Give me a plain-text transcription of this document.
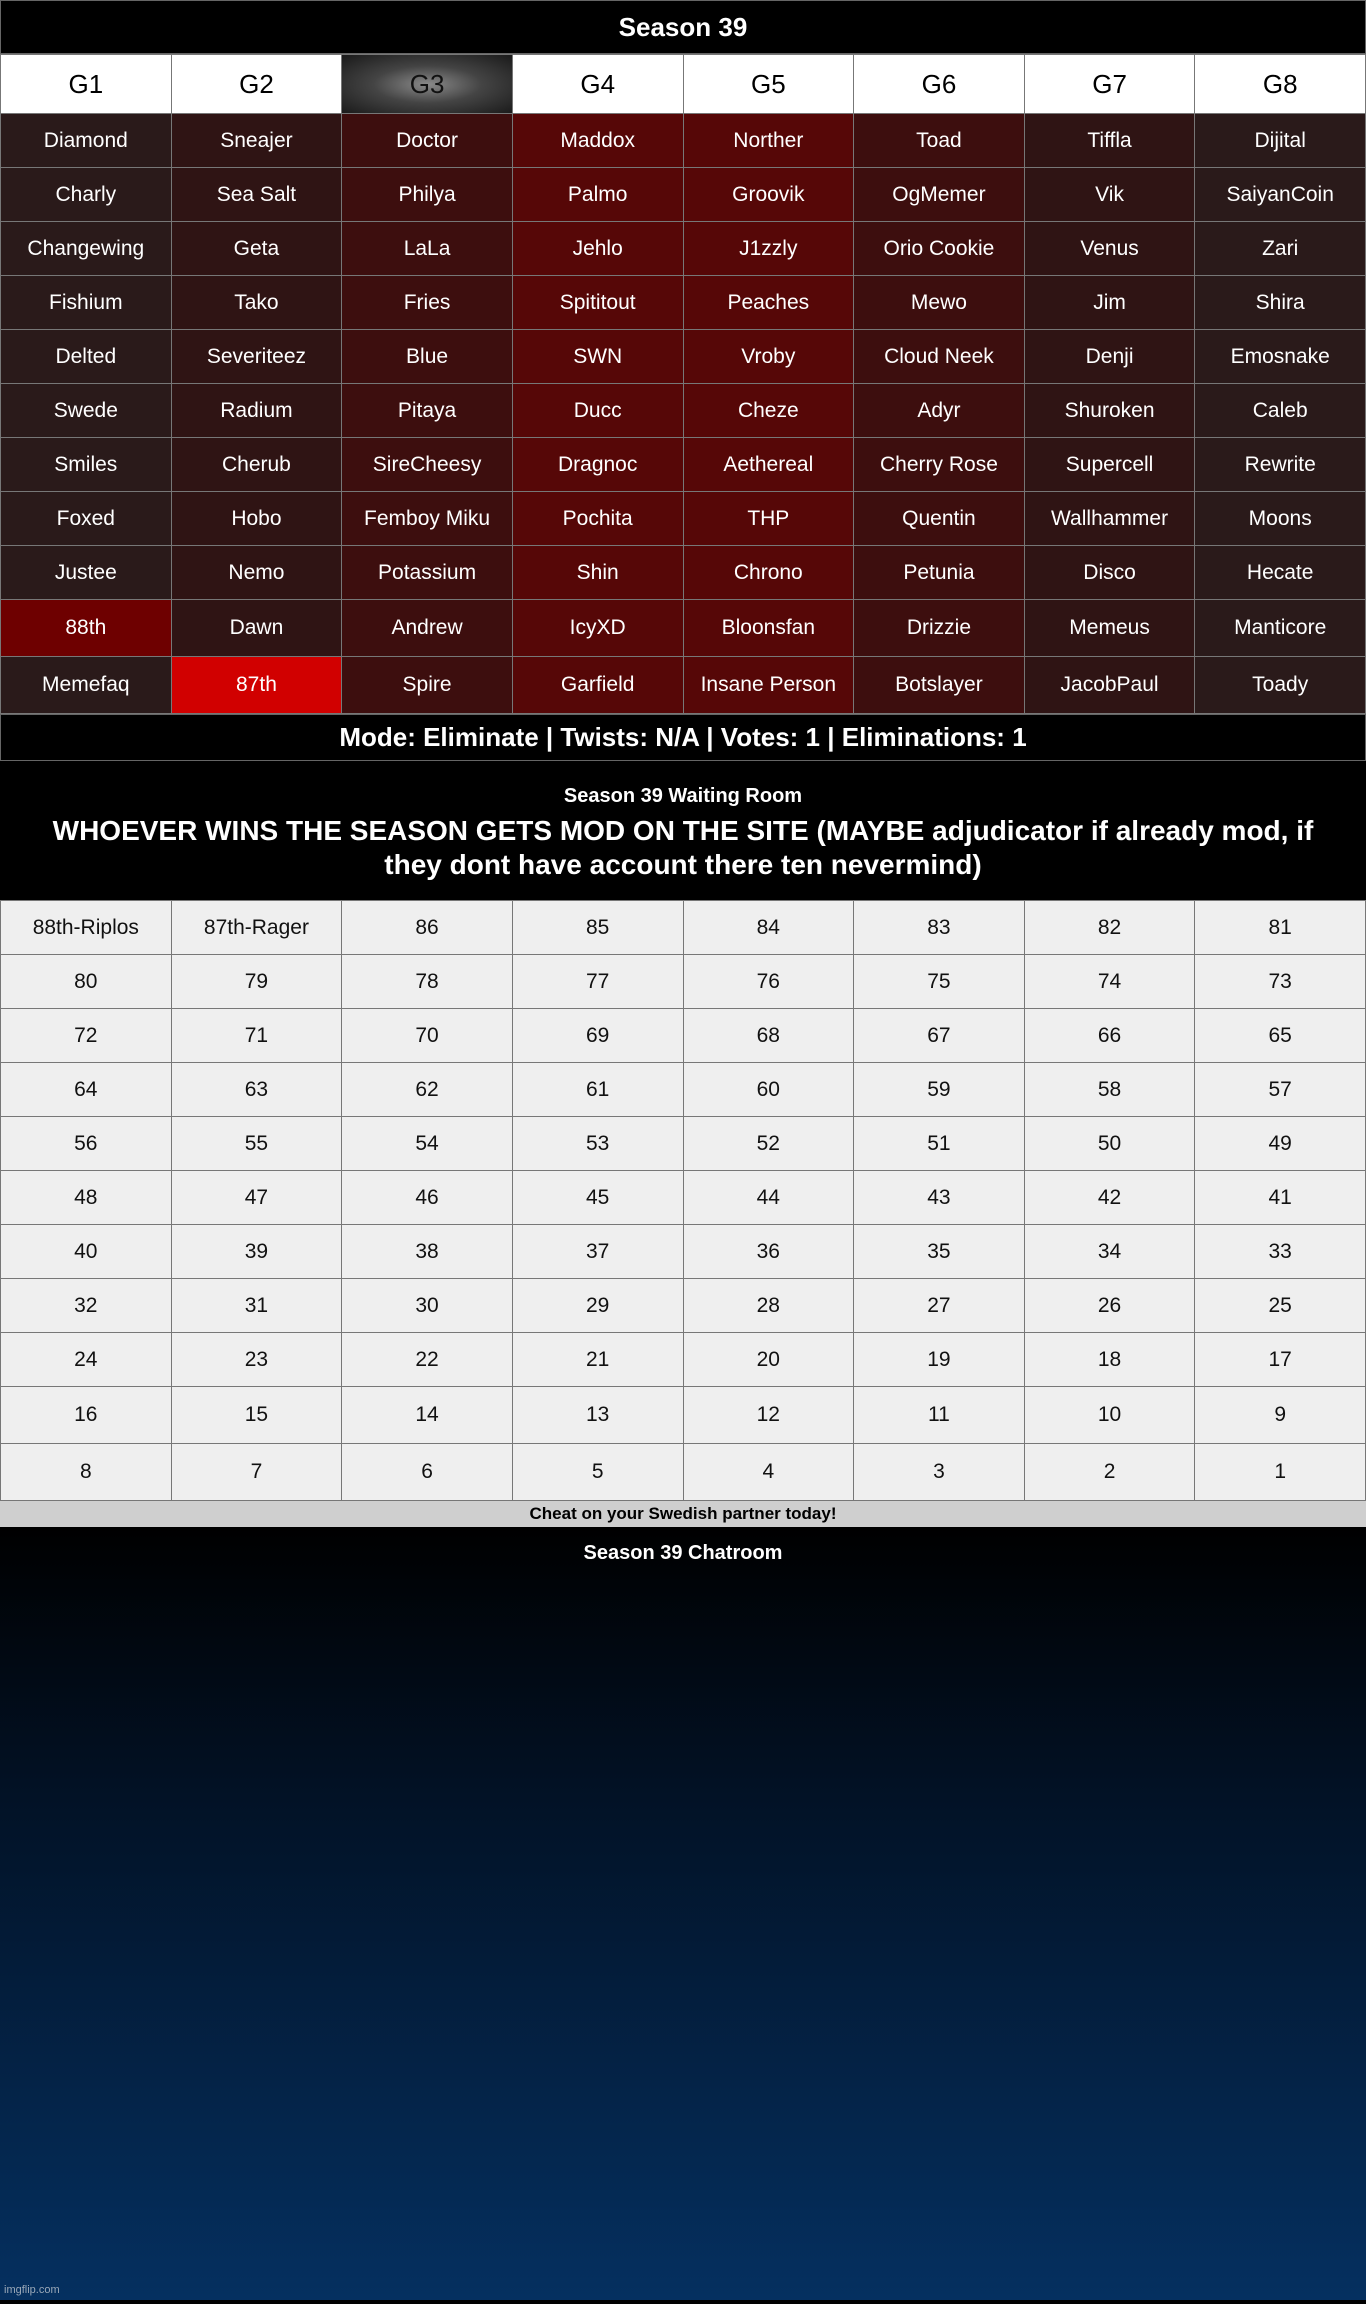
Season 39
G1	G2	G3	G4	G5	G6	G7	G8
Diamond	Sneajer	Doctor	Maddox	Norther	Toad	Tiffla	Dijital
Charly	Sea Salt	Philya	Palmo	Groovik	OgMemer	Vik	SaiyanCoin
Changewing	Geta	LaLa	Jehlo	J1zzly	Orio Cookie	Venus	Zari
Fishium	Tako	Fries	Spititout	Peaches	Mewo	Jim	Shira
Delted	Severiteez	Blue	SWN	Vroby	Cloud Neek	Denji	Emosnake
Swede	Radium	Pitaya	Ducc	Cheze	Adyr	Shuroken	Caleb
Smiles	Cherub	SireCheesy	Dragnoc	Aethereal	Cherry Rose	Supercell	Rewrite
Foxed	Hobo	Femboy Miku	Pochita	THP	Quentin	Wallhammer	Moons
Justee	Nemo	Potassium	Shin	Chrono	Petunia	Disco	Hecate
88th	Dawn	Andrew	IcyXD	Bloonsfan	Drizzie	Memeus	Manticore
Memefaq	87th	Spire	Garfield	Insane Person	Botslayer	JacobPaul	Toady
Mode: Eliminate | Twists: N/A | Votes: 1 | Eliminations: 1
Season 39 Waiting Room
WHOEVER WINS THE SEASON GETS MOD ON THE SITE (MAYBE adjudicator if already mod, if they dont have account there ten nevermind)
88th-Riplos	87th-Rager	86	85	84	83	82	81
80	79	78	77	76	75	74	73
72	71	70	69	68	67	66	65
64	63	62	61	60	59	58	57
56	55	54	53	52	51	50	49
48	47	46	45	44	43	42	41
40	39	38	37	36	35	34	33
32	31	30	29	28	27	26	25
24	23	22	21	20	19	18	17
16	15	14	13	12	11	10	9
8	7	6	5	4	3	2	1
Cheat on your Swedish partner today!
Season 39 Chatroom
imgflip.com
